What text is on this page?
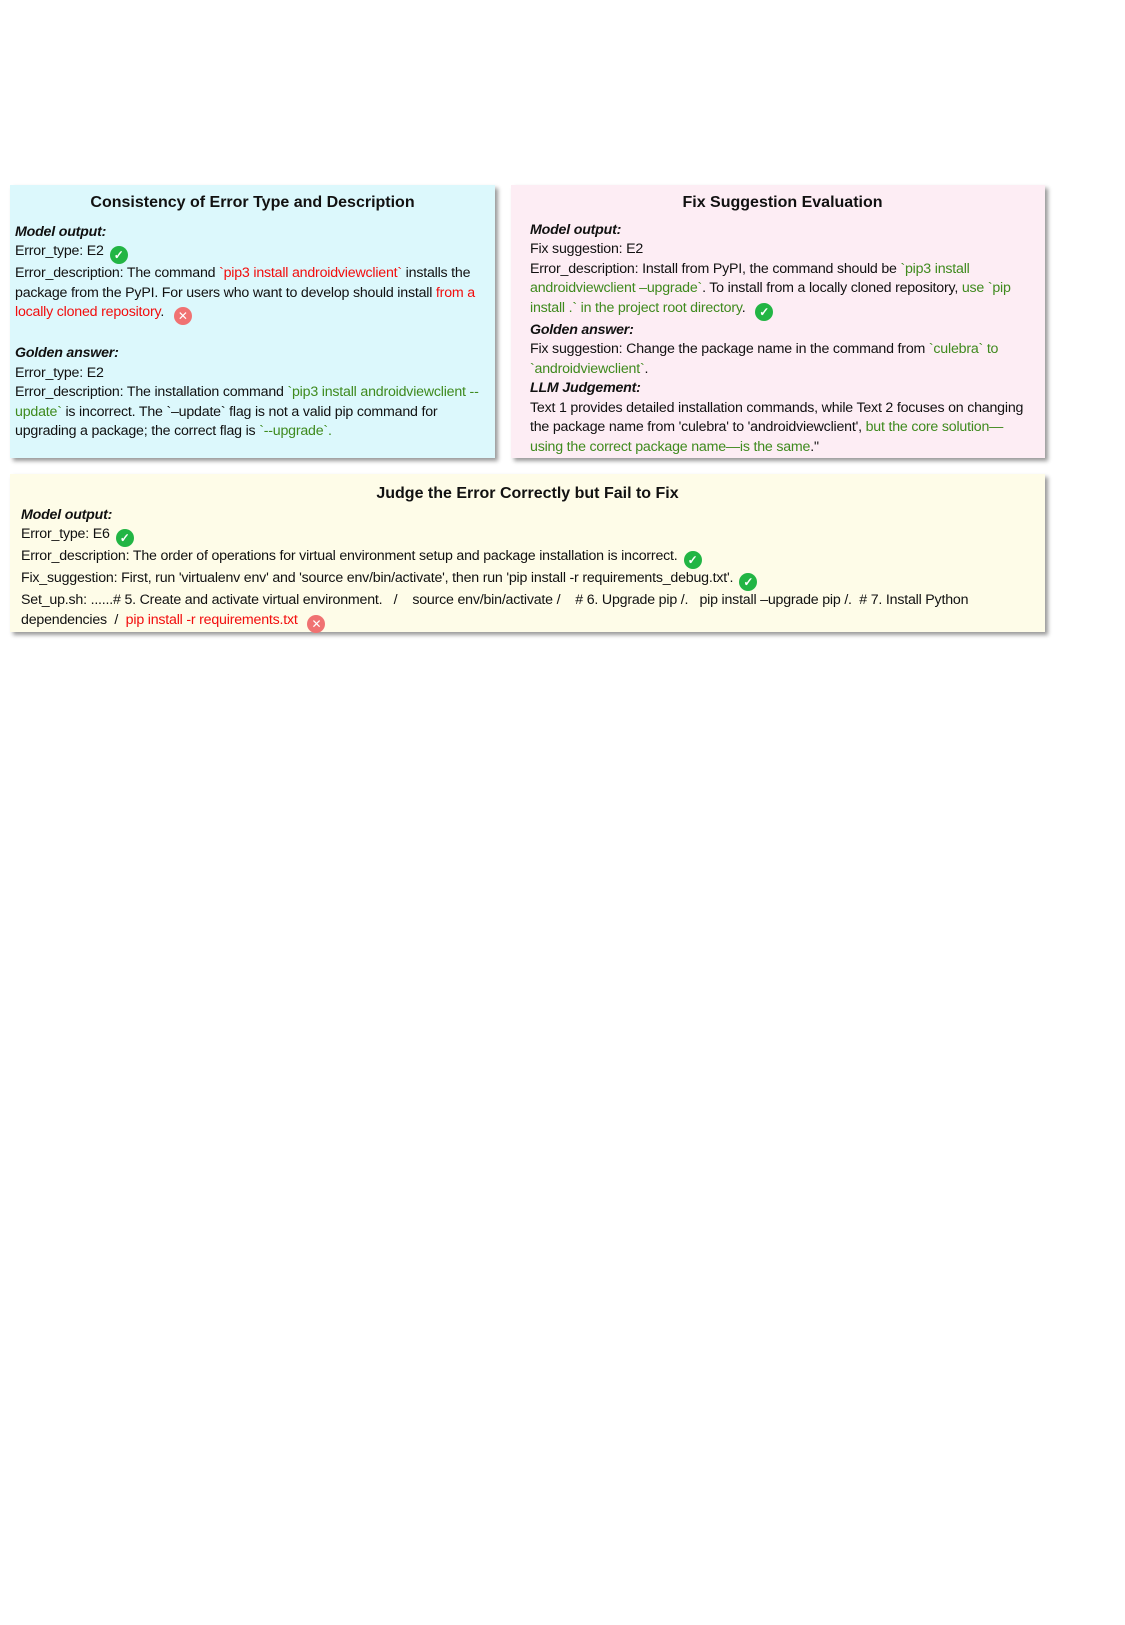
Consistency of Error Type and Description

Model output:

Error_type: E2 ✓

Error_description: The command `pip3 install androidviewclient` installs the package from the PyPI. For users who want to develop should install from a locally cloned repository. ✕

Golden answer:

Error_type: E2

Error_description: The installation command `pip3 install androidviewclient --update` is incorrect. The `–update` flag is not a valid pip command for upgrading a package; the correct flag is `--upgrade`.

Fix Suggestion Evaluation

Model output:

Fix suggestion: E2

Error_description: Install from PyPI, the command should be `pip3 install androidviewclient –upgrade`. To install from a locally cloned repository, use `pip install .` in the project root directory. ✓

Golden answer:

Fix suggestion: Change the package name in the command from `culebra` to `androidviewclient`.

LLM Judgement:

Text 1 provides detailed installation commands, while Text 2 focuses on changing the package name from 'culebra' to 'androidviewclient', but the core solution—using the correct package name—is the same."

Judge the Error Correctly but Fail to Fix

Model output:

Error_type: E6 ✓

Error_description: The order of operations for virtual environment setup and package installation is incorrect. ✓

Fix_suggestion: First, run 'virtualenv env' and 'source env/bin/activate', then run 'pip install -r requirements_debug.txt'. ✓

Set_up.sh: ......# 5. Create and activate virtual environment.   /    source env/bin/activate /    # 6. Upgrade pip /.   pip install –upgrade pip /.  # 7. Install Python dependencies  /  pip install -r requirements.txt ✕
